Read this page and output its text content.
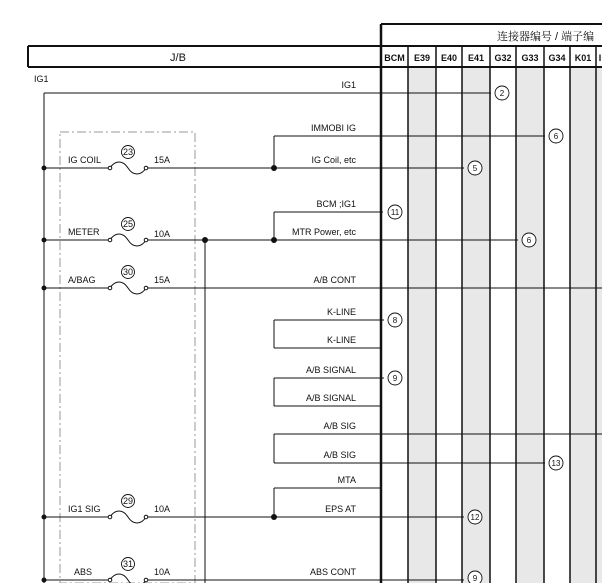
连接器编号 / 端子编
J/B	BCM E39 E40 E41 G32 G33 G34 K01 I
IG1
IG COIL
23
15A
METER
25
10A
A/BAG
30
15A
IG1 SIG
29
10A
ABS
31
10A
IG1
IMMOBI IG
IG Coil, etc
BCM ;IG1
MTR Power, etc
A/B CONT
K-LINE
K-LINE
A/B SIGNAL
A/B SIGNAL
A/B SIG
A/B SIG
MTA
EPS AT
ABS CONT
2
6
5
11
6
8
9
13
12
9
